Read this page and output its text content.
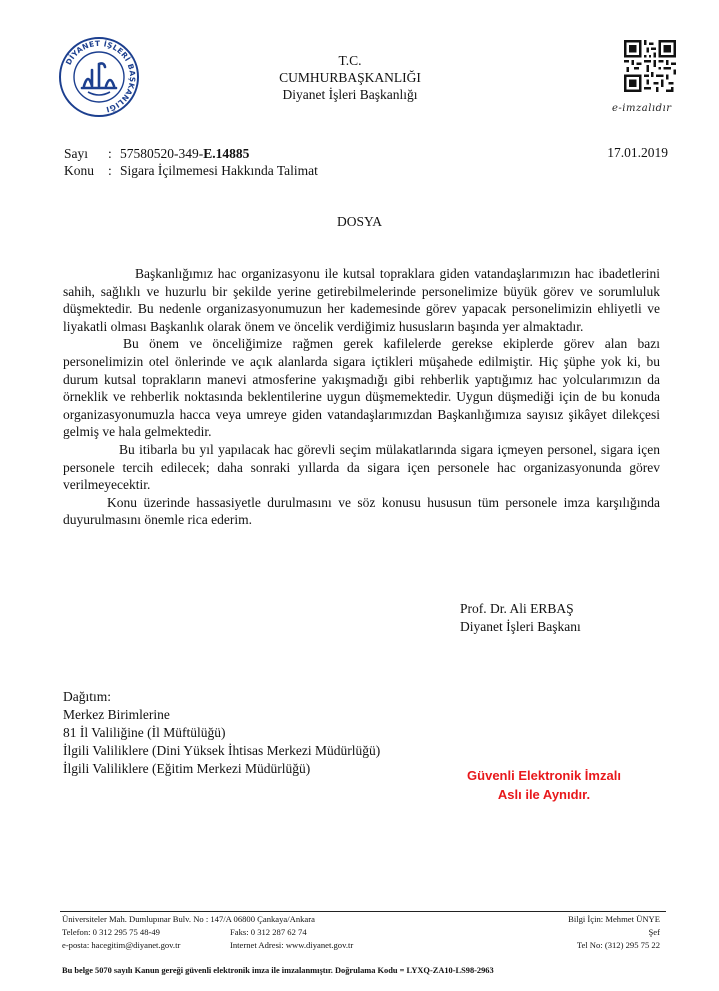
DİYANET İŞLERİ BAŞKANLIĞI
T.C.
CUMHURBAŞKANLIĞI
Diyanet İşleri Başkanlığı
e-imzalıdır
Sayı : 57580520-349-E.14885
Konu : Sigara İçilmemesi Hakkında Talimat
17.01.2019
DOSYA

Başkanlığımız hac organizasyonu ile kutsal topraklara giden vatandaşlarımızın hac ibadetlerini sahih, sağlıklı ve huzurlu bir şekilde yerine getirebilmelerinde personelimize büyük görev ve sorumluluk düşmektedir. Bu nedenle organizasyonumuzun her kademesinde görev yapacak personelimizin ehliyetli ve liyakatli olması Başkanlık olarak önem ve öncelik verdiğimiz hususların başında yer almaktadır.

Bu önem ve önceliğimize rağmen gerek kafilelerde gerekse ekiplerde görev alan bazı personelimizin otel önlerinde ve açık alanlarda sigara içtikleri müşahede edilmiştir. Hiç şüphe yok ki, bu durum kutsal toprakların manevi atmosferine yakışmadığı gibi rehberlik yaptığımız hac yolcularımızın da örneklik ve rehberlik noktasında beklentilerine uygun düşmemektedir. Uygun düşmediği için de bu konuda organizasyonumuzla hacca veya umreye giden vatandaşlarımızdan Başkanlığımıza sayısız şikâyet dilekçesi gelmiş ve hala gelmektedir.

Bu itibarla bu yıl yapılacak hac görevli seçim mülakatlarında sigara içmeyen personel, sigara içen personele tercih edilecek; daha sonraki yıllarda da sigara içen personele hac organizasyonunda görev verilmeyecektir.

Konu üzerinde hassasiyetle durulmasını ve söz konusu hususun tüm personele imza karşılığında duyurulmasını önemle rica ederim.

Prof. Dr. Ali ERBAŞ
Diyanet İşleri Başkanı
Dağıtım:
Merkez Birimlerine
81 İl Valiliğine (İl Müftülüğü)
İlgili Valiliklere (Dini Yüksek İhtisas Merkezi Müdürlüğü)
İlgili Valiliklere (Eğitim Merkezi Müdürlüğü)	Güvenli Elektronik İmzalı
Aslı ile Aynıdır.
Üniversiteler Mah. Dumlupınar Bulv. No : 147/A 06800 Çankaya/Ankara
Telefon: 0 312 295 75 48-49
e-posta: hacegitim@diyanet.gov.tr
Faks: 0 312 287 62 74
Internet Adresi: www.diyanet.gov.tr
Bilgi İçin: Mehmet ÜNYE
Şef
Tel No: (312) 295 75 22
Bu belge 5070 sayılı Kanun gereği güvenli elektronik imza ile imzalanmıştır. Doğrulama Kodu = LYXQ-ZA10-LS98-2963
